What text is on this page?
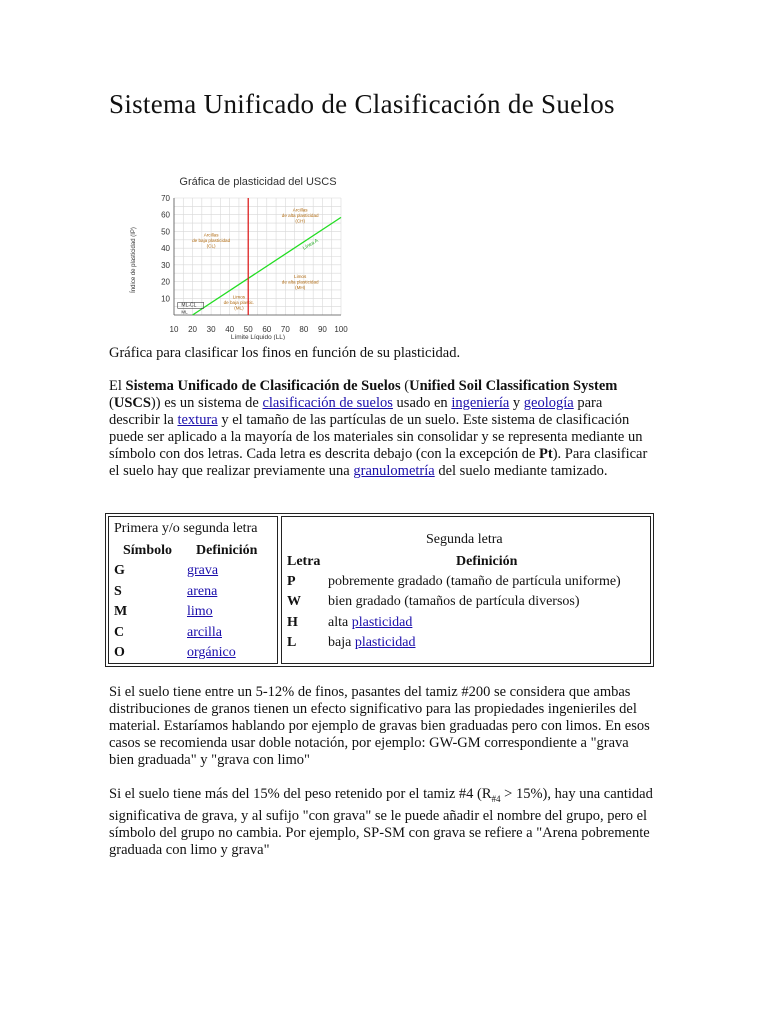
Sistema Unificado de Clasificación de Suelos
Gráfica de plasticidad del USCS
10 20 30 40 50 60 70 80 90 100
10
20
30
40
50
60
70
Arcillas de alta plasticidad (CH)
Arcillas de baja plasticidad (CL)
Limos de alta plasticidad (MH)
Limos de baja plastic. (ML)
ML-CL
ML
Línea A
Límite Líquido (LL)
Índice de plasticidad (IP)

Gráfica para clasificar los finos en función de su plasticidad.

El Sistema Unificado de Clasificación de Suelos (Unified Soil Classification System (USCS)) es un sistema de clasificación de suelos usado en ingeniería y geología para describir la textura y el tamaño de las partículas de un suelo. Este sistema de clasificación puede ser aplicado a la mayoría de los materiales sin consolidar y se representa mediante un símbolo con dos letras. Cada letra es descrita debajo (con la excepción de Pt). Para clasificar el suelo hay que realizar previamente una granulometría del suelo mediante tamizado.

Primera y/o segunda letra
Símbolo Definición
G	grava
S	arena
M	limo
C	arcilla
O	orgánico
Segunda letra
Letra	Definición
P pobremente gradado (tamaño de partícula uniforme)
W bien gradado (tamaños de partícula diversos)
H alta plasticidad
L baja plasticidad

Si el suelo tiene entre un 5-12% de finos, pasantes del tamiz #200 se considera que ambas distribuciones de granos tienen un efecto significativo para las propiedades ingenieriles del material. Estaríamos hablando por ejemplo de gravas bien graduadas pero con limos. En esos casos se recomienda usar doble notación, por ejemplo: GW-GM correspondiente a "grava bien graduada" y "grava con limo"

Si el suelo tiene más del 15% del peso retenido por el tamiz #4 $(R_{\#4} > 15\%)$, hay una cantidad significativa de grava, y al sufijo "con grava" se le puede añadir el nombre del grupo, pero el símbolo del grupo no cambia. Por ejemplo, SP-SM con grava se refiere a "Arena pobremente graduada con limo y grava"
